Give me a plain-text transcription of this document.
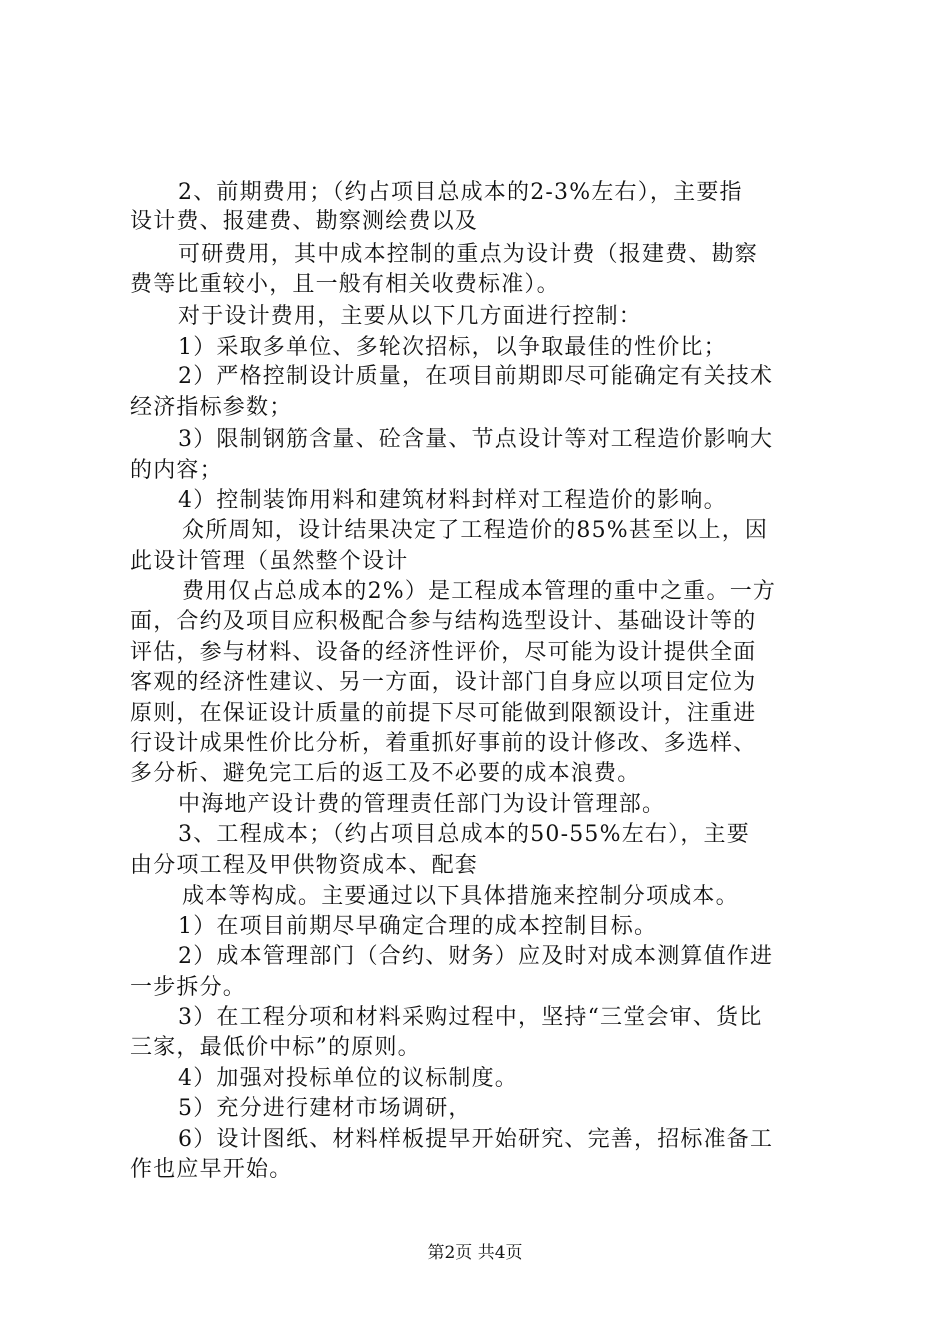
2、前期费用；（约占项目总成本的2-3%左右），主要指
设计费、报建费、勘察测绘费以及
可研费用，其中成本控制的重点为设计费（报建费、勘察
费等比重较小，且一般有相关收费标准）。
对于设计费用，主要从以下几方面进行控制：
1）采取多单位、多轮次招标，以争取最佳的性价比；
2）严格控制设计质量，在项目前期即尽可能确定有关技术
经济指标参数；
3）限制钢筋含量、砼含量、节点设计等对工程造价影响大
的内容；
4）控制装饰用料和建筑材料封样对工程造价的影响。
众所周知，设计结果决定了工程造价的85%甚至以上，因
此设计管理（虽然整个设计
费用仅占总成本的2%）是工程成本管理的重中之重。一方
面，合约及项目应积极配合参与结构选型设计、基础设计等的
评估，参与材料、设备的经济性评价，尽可能为设计提供全面
客观的经济性建议、另一方面，设计部门自身应以项目定位为
原则，在保证设计质量的前提下尽可能做到限额设计，注重进
行设计成果性价比分析，着重抓好事前的设计修改、多选样、
多分析、避免完工后的返工及不必要的成本浪费。
中海地产设计费的管理责任部门为设计管理部。
3、工程成本；（约占项目总成本的50-55%左右），主要
由分项工程及甲供物资成本、配套
成本等构成。主要通过以下具体措施来控制分项成本。
1）在项目前期尽早确定合理的成本控制目标。
2）成本管理部门（合约、财务）应及时对成本测算值作进
一步拆分。
3）在工程分项和材料采购过程中，坚持“三堂会审、货比
三家，最低价中标”的原则。
4）加强对投标单位的议标制度。
5）充分进行建材市场调研，
6）设计图纸、材料样板提早开始研究、完善，招标准备工
作也应早开始。
第2页 共4页
